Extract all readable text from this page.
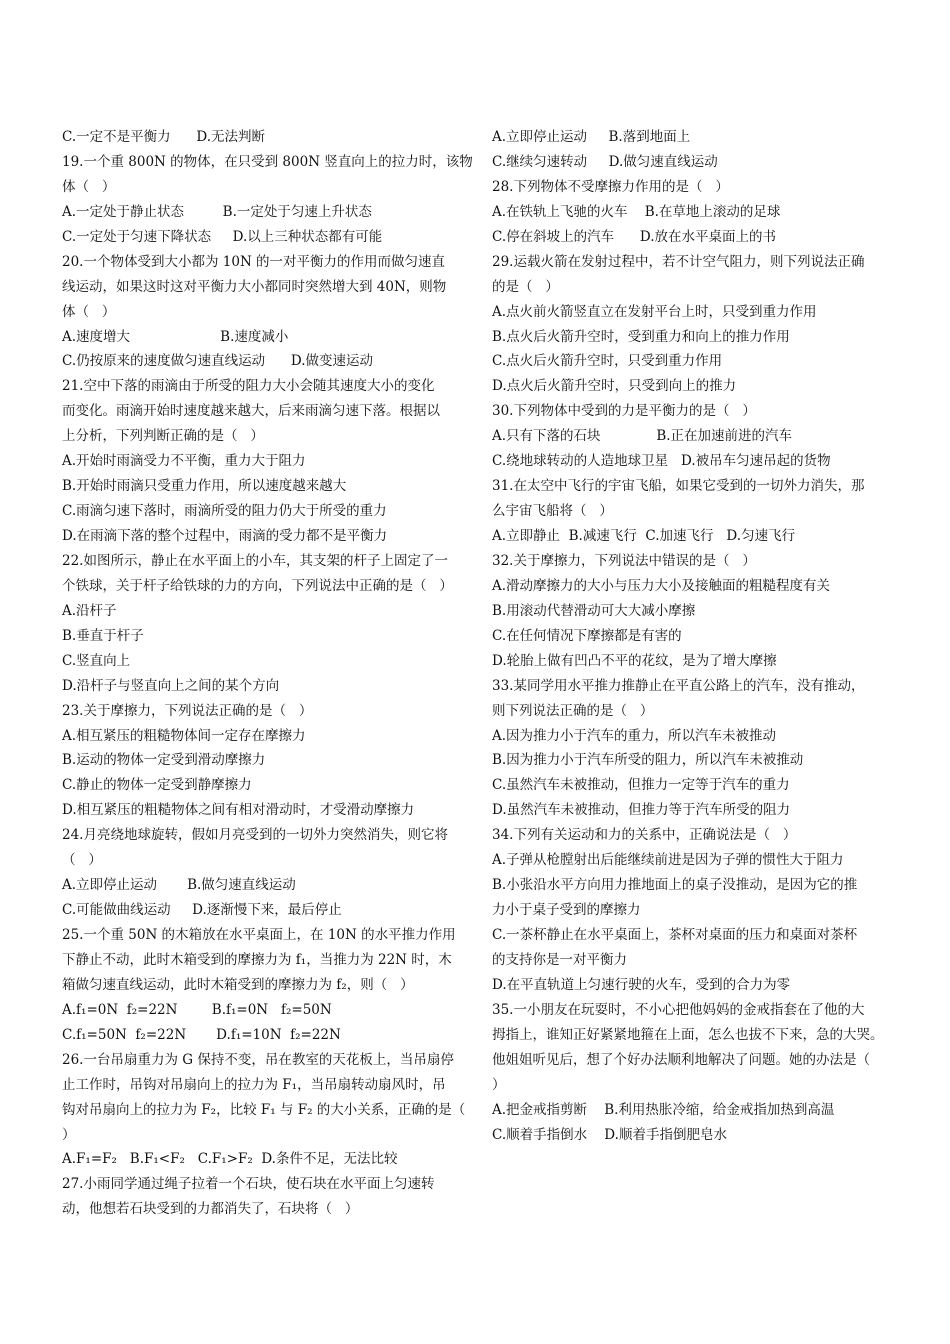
C.一定不是平衡力      D.无法判断
19.一个重 800N 的物体，在只受到 800N 竖直向上的拉力时，该物
体（   ）
A.一定处于静止状态         B.一定处于匀速上升状态
C.一定处于匀速下降状态     D.以上三种状态都有可能
20.一个物体受到大小都为 10N 的一对平衡力的作用而做匀速直
线运动，如果这时这对平衡力大小都同时突然增大到 40N，则物
体（   ）
A.速度增大                     B.速度减小
C.仍按原来的速度做匀速直线运动      D.做变速运动
21.空中下落的雨滴由于所受的阻力大小会随其速度大小的变化
而变化。雨滴开始时速度越来越大，后来雨滴匀速下落。根据以
上分析，下列判断正确的是（   ）
A.开始时雨滴受力不平衡，重力大于阻力
B.开始时雨滴只受重力作用，所以速度越来越大
C.雨滴匀速下落时，雨滴所受的阻力仍大于所受的重力
D.在雨滴下落的整个过程中，雨滴的受力都不是平衡力
22.如图所示，静止在水平面上的小车，其支架的杆子上固定了一
个铁球，关于杆子给铁球的力的方向，下列说法中正确的是（   ）
A.沿杆子
B.垂直于杆子
C.竖直向上
D.沿杆子与竖直向上之间的某个方向
23.关于摩擦力，下列说法正确的是（   ）
A.相互紧压的粗糙物体间一定存在摩擦力
B.运动的物体一定受到滑动摩擦力
C.静止的物体一定受到静摩擦力
D.相互紧压的粗糙物体之间有相对滑动时，才受滑动摩擦力
24.月亮绕地球旋转，假如月亮受到的一切外力突然消失，则它将
（   ）
A.立即停止运动       B.做匀速直线运动
C.可能做曲线运动     D.逐渐慢下来，最后停止
25.一个重 50N 的木箱放在水平桌面上，在 10N 的水平推力作用
下静止不动，此时木箱受到的摩擦力为 f₁，当推力为 22N 时，木
箱做匀速直线运动，此时木箱受到的摩擦力为 f₂，则（   ）
A.f₁=0N  f₂=22N        B.f₁=0N   f₂=50N
C.f₁=50N  f₂=22N       D.f₁=10N  f₂=22N
26.一台吊扇重力为 G 保持不变，吊在教室的天花板上，当吊扇停
止工作时，吊钩对吊扇向上的拉力为 F₁，当吊扇转动扇风时，吊
钩对吊扇向上的拉力为 F₂，比较 F₁ 与 F₂ 的大小关系，正确的是（
）
A.F₁=F₂   B.F₁<F₂   C.F₁>F₂  D.条件不足，无法比较
27.小雨同学通过绳子拉着一个石块，使石块在水平面上匀速转
动，他想若石块受到的力都消失了，石块将（   ）
A.立即停止运动     B.落到地面上
C.继续匀速转动     D.做匀速直线运动
28.下列物体不受摩擦力作用的是（   ）
A.在铁轨上飞驰的火车    B.在草地上滚动的足球
C.停在斜坡上的汽车      D.放在水平桌面上的书
29.运载火箭在发射过程中，若不计空气阻力，则下列说法正确
的是（   ）
A.点火前火箭竖直立在发射平台上时，只受到重力作用
B.点火后火箭升空时，受到重力和向上的推力作用
C.点火后火箭升空时，只受到重力作用
D.点火后火箭升空时，只受到向上的推力
30.下列物体中受到的力是平衡力的是（   ）
A.只有下落的石块             B.正在加速前进的汽车
C.绕地球转动的人造地球卫星   D.被吊车匀速吊起的货物
31.在太空中飞行的宇宙飞船，如果它受到的一切外力消失，那
么宇宙飞船将（   ）
A.立即静止  B.减速飞行  C.加速飞行   D.匀速飞行
32.关于摩擦力，下列说法中错误的是（   ）
A.滑动摩擦力的大小与压力大小及接触面的粗糙程度有关
B.用滚动代替滑动可大大减小摩擦
C.在任何情况下摩擦都是有害的
D.轮胎上做有凹凸不平的花纹，是为了增大摩擦
33.某同学用水平推力推静止在平直公路上的汽车，没有推动，
则下列说法正确的是（   ）
A.因为推力小于汽车的重力，所以汽车未被推动
B.因为推力小于汽车所受的阻力，所以汽车未被推动
C.虽然汽车未被推动，但推力一定等于汽车的重力
D.虽然汽车未被推动，但推力等于汽车所受的阻力
34.下列有关运动和力的关系中，正确说法是（   ）
A.子弹从枪膛射出后能继续前进是因为子弹的惯性大于阻力
B.小张沿水平方向用力推地面上的桌子没推动，是因为它的推
力小于桌子受到的摩擦力
C.一茶杯静止在水平桌面上，茶杯对桌面的压力和桌面对茶杯
的支持你是一对平衡力
D.在平直轨道上匀速行驶的火车，受到的合力为零
35.一小朋友在玩耍时，不小心把他妈妈的金戒指套在了他的大
拇指上，谁知正好紧紧地箍在上面，怎么也拔不下来，急的大哭。
他姐姐听见后，想了个好办法顺利地解决了问题。她的办法是（
）
A.把金戒指剪断    B.利用热胀冷缩，给金戒指加热到高温
C.顺着手指倒水    D.顺着手指倒肥皂水
